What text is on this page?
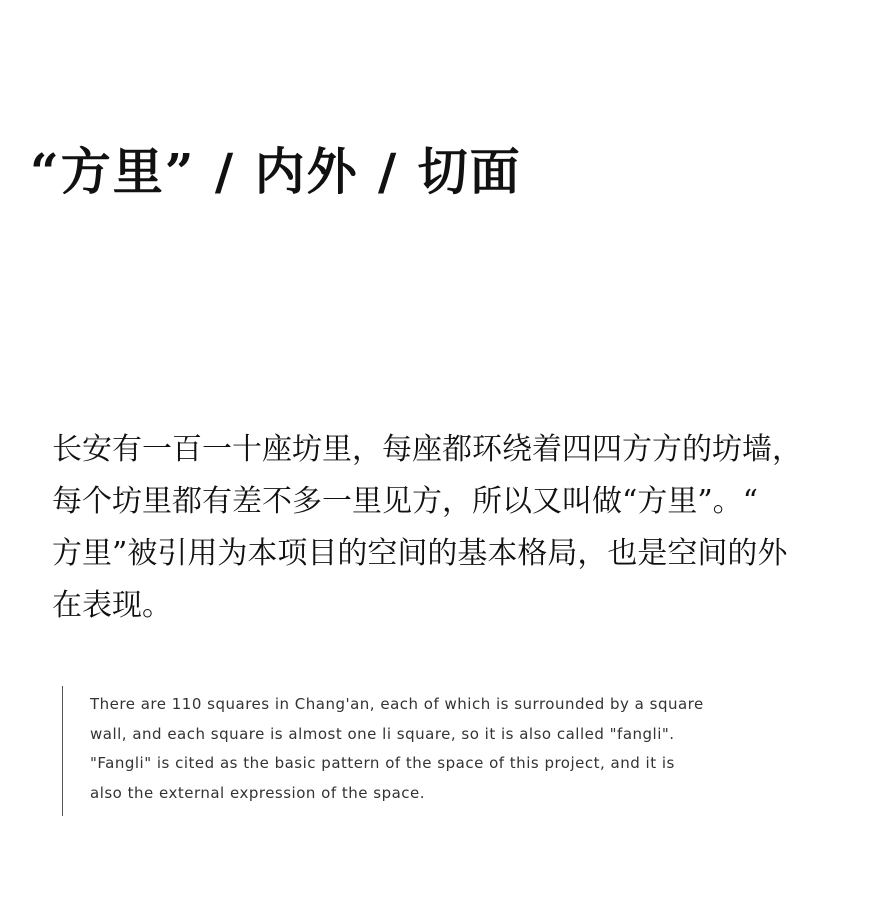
“方里” / 内外 / 切面

长安有一百一十座坊里，每座都环绕着四四方方的坊墙，
每个坊里都有差不多一里见方，所以又叫做“方里”。“
方里”被引用为本项目的空间的基本格局，也是空间的外
在表现。

There are 110 squares in Chang'an, each of which is surrounded by a square
wall, and each square is almost one li square, so it is also called "fangli".
"Fangli" is cited as the basic pattern of the space of this project, and it is
also the external expression of the space.
